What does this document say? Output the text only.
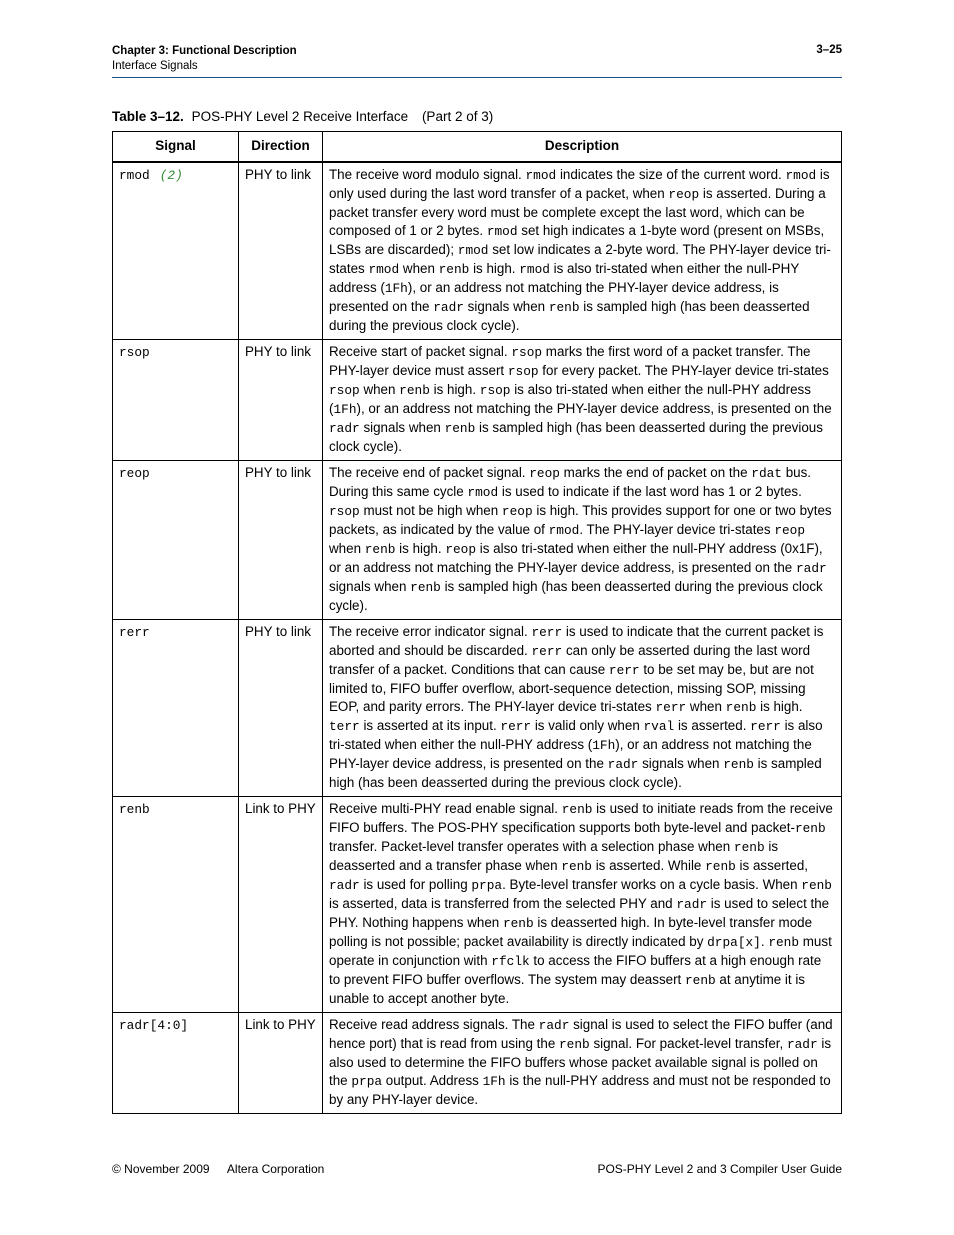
Chapter 3: Functional Description
Interface Signals
3–25
Table 3–12. POS-PHY Level 2 Receive Interface (Part 2 of 3)
Signal	Direction	Description
rmod (2)	PHY to link	The receive word modulo signal. rmod indicates the size of the current word. rmod is only used during the last word transfer of a packet, when reop is asserted. During a packet transfer every word must be complete except the last word, which can be composed of 1 or 2 bytes. rmod set high indicates a 1-byte word (present on MSBs, LSBs are discarded); rmod set low indicates a 2-byte word. The PHY-layer device tri-states rmod when renb is high. rmod is also tri-stated when either the null-PHY address (1Fh), or an address not matching the PHY-layer device address, is presented on the radr signals when renb is sampled high (has been deasserted during the previous clock cycle).
rsop	PHY to link	Receive start of packet signal. rsop marks the first word of a packet transfer. The PHY-layer device must assert rsop for every packet. The PHY-layer device tri-states rsop when renb is high. rsop is also tri-stated when either the null-PHY address (1Fh), or an address not matching the PHY-layer device address, is presented on the radr signals when renb is sampled high (has been deasserted during the previous clock cycle).
reop	PHY to link	The receive end of packet signal. reop marks the end of packet on the rdat bus. During this same cycle rmod is used to indicate if the last word has 1 or 2 bytes. rsop must not be high when reop is high. This provides support for one or two bytes packets, as indicated by the value of rmod. The PHY-layer device tri-states reop when renb is high. reop is also tri-stated when either the null-PHY address (0x1F), or an address not matching the PHY-layer device address, is presented on the radr signals when renb is sampled high (has been deasserted during the previous clock cycle).
rerr	PHY to link	The receive error indicator signal. rerr is used to indicate that the current packet is aborted and should be discarded. rerr can only be asserted during the last word transfer of a packet. Conditions that can cause rerr to be set may be, but are not limited to, FIFO buffer overflow, abort-sequence detection, missing SOP, missing EOP, and parity errors. The PHY-layer device tri-states rerr when renb is high. terr is asserted at its input. rerr is valid only when rval is asserted. rerr is also tri-stated when either the null-PHY address (1Fh), or an address not matching the PHY-layer device address, is presented on the radr signals when renb is sampled high (has been deasserted during the previous clock cycle).
renb	Link to PHY	Receive multi-PHY read enable signal. renb is used to initiate reads from the receive FIFO buffers. The POS-PHY specification supports both byte-level and packet-renb transfer. Packet-level transfer operates with a selection phase when renb is deasserted and a transfer phase when renb is asserted. While renb is asserted, radr is used for polling prpa. Byte-level transfer works on a cycle basis. When renb is asserted, data is transferred from the selected PHY and radr is used to select the PHY. Nothing happens when renb is deasserted high. In byte-level transfer mode polling is not possible; packet availability is directly indicated by drpa[x]. renb must operate in conjunction with rfclk to access the FIFO buffers at a high enough rate to prevent FIFO buffer overflows. The system may deassert renb at anytime it is unable to accept another byte.
radr[4:0]	Link to PHY	Receive read address signals. The radr signal is used to select the FIFO buffer (and hence port) that is read from using the renb signal. For packet-level transfer, radr is also used to determine the FIFO buffers whose packet available signal is polled on the prpa output. Address 1Fh is the null-PHY address and must not be responded to by any PHY-layer device.
© November 2009 Altera Corporation	POS-PHY Level 2 and 3 Compiler User Guide
